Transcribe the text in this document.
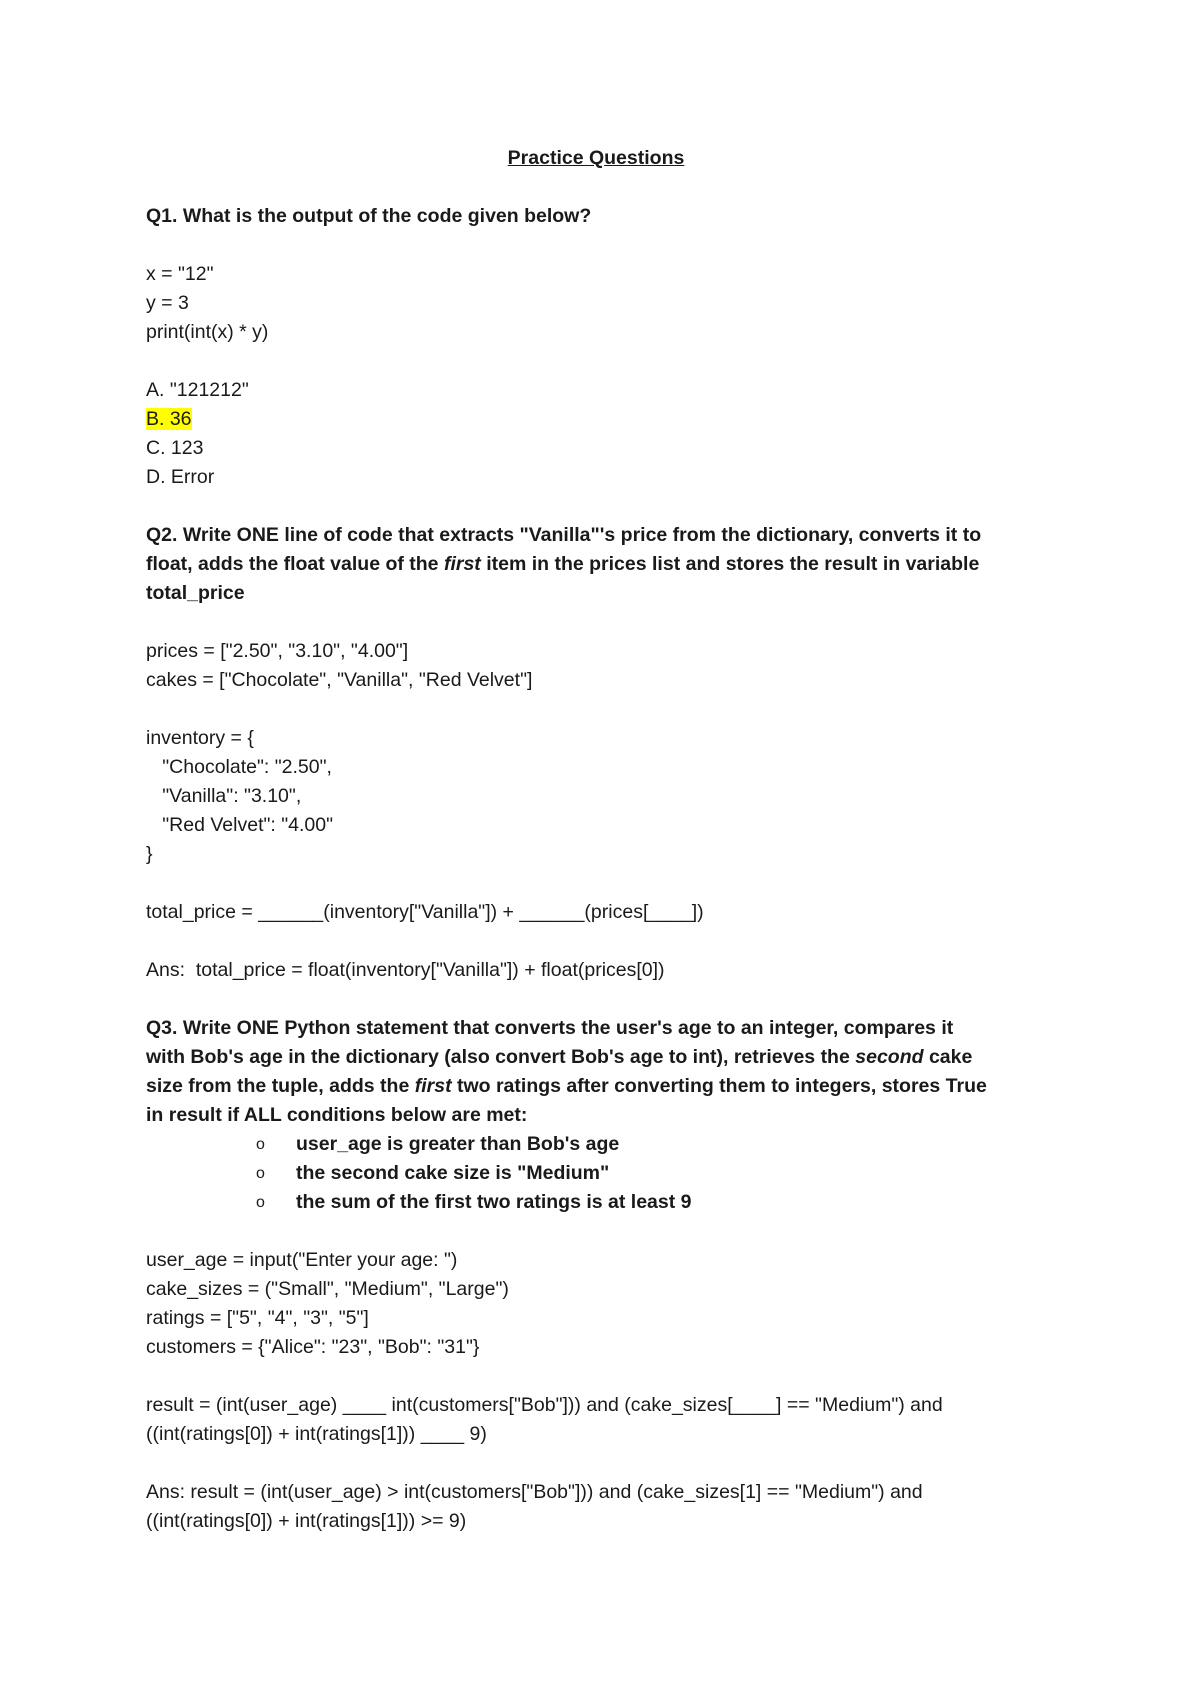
Practice Questions
Q1. What is the output of the code given below?
x = "12"
y = 3
print(int(x) * y)
A. "121212"
B. 36
C. 123
D. Error
Q2. Write ONE line of code that extracts "Vanilla"'s price from the dictionary, converts it to
float, adds the float value of the first item in the prices list and stores the result in variable
total_price
prices = ["2.50", "3.10", "4.00"]
cakes = ["Chocolate", "Vanilla", "Red Velvet"]
inventory = {
"Chocolate": "2.50",
"Vanilla": "3.10",
"Red Velvet": "4.00"
}
total_price = ______(inventory["Vanilla"]) + ______(prices[____])
Ans:  total_price = float(inventory["Vanilla"]) + float(prices[0])
Q3. Write ONE Python statement that converts the user's age to an integer, compares it
with Bob's age in the dictionary (also convert Bob's age to int), retrieves the second cake
size from the tuple, adds the first two ratings after converting them to integers, stores True
in result if ALL conditions below are met:
o	user_age is greater than Bob's age
o	the second cake size is "Medium"
o	the sum of the first two ratings is at least 9
user_age = input("Enter your age: ")
cake_sizes = ("Small", "Medium", "Large")
ratings = ["5", "4", "3", "5"]
customers = {"Alice": "23", "Bob": "31"}
result = (int(user_age) ____ int(customers["Bob"])) and (cake_sizes[____] == "Medium") and
((int(ratings[0]) + int(ratings[1])) ____ 9)
Ans: result = (int(user_age) > int(customers["Bob"])) and (cake_sizes[1] == "Medium") and
((int(ratings[0]) + int(ratings[1])) >= 9)
